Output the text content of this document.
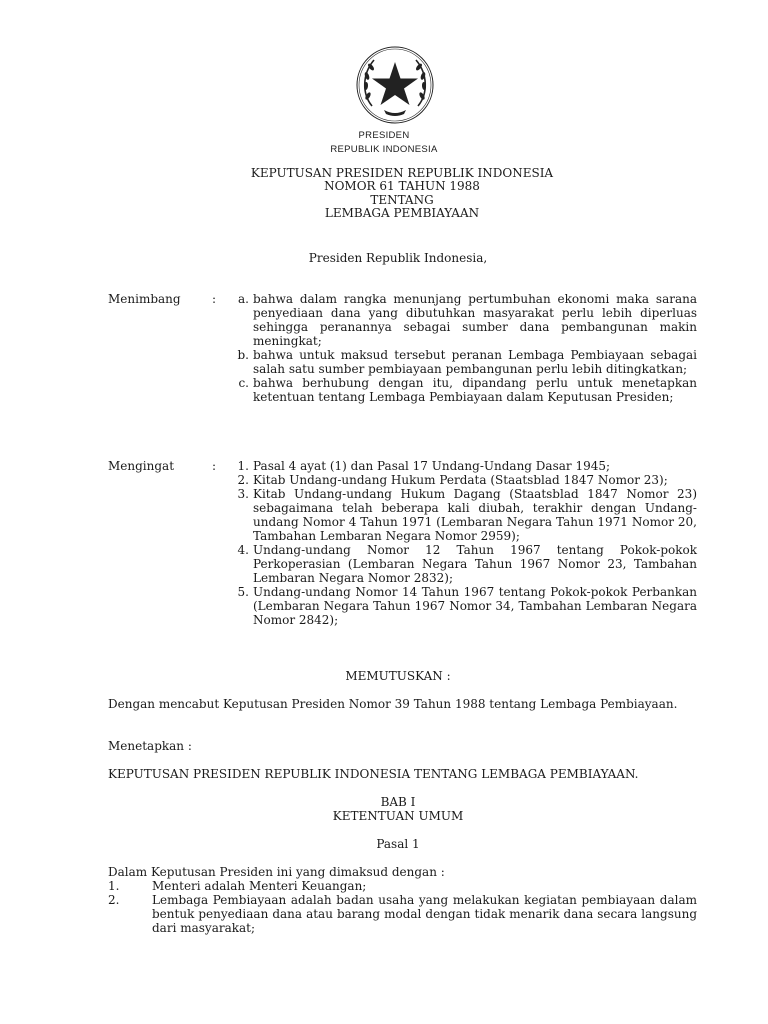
PRESIDEN
REPUBLIK INDONESIA
KEPUTUSAN PRESIDEN REPUBLIK INDONESIA
NOMOR 61 TAHUN 1988
TENTANG
LEMBAGA PEMBIAYAAN
Presiden Republik Indonesia,
Menimbang	:	a. bahwa dalam rangka menunjang pertumbuhan ekonomi maka sarana penyediaan dana yang dibutuhkan masyarakat perlu lebih diperluas sehingga peranannya sebagai sumber dana pembangunan makin meningkat;
b. bahwa untuk maksud tersebut peranan Lembaga Pembiayaan sebagai salah satu sumber pembiayaan pembangunan perlu lebih ditingkatkan;
c. bahwa berhubung dengan itu, dipandang perlu untuk menetapkan ketentuan tentang Lembaga Pembiayaan dalam Keputusan Presiden;
Mengingat	:	1. Pasal 4 ayat (1) dan Pasal 17 Undang-Undang Dasar 1945;
2. Kitab Undang-undang Hukum Perdata (Staatsblad 1847 Nomor 23);
3. Kitab Undang-undang Hukum Dagang (Staatsblad 1847 Nomor 23) sebagaimana telah beberapa kali diubah, terakhir dengan Undang-undang Nomor 4 Tahun 1971 (Lembaran Negara Tahun 1971 Nomor 20, Tambahan Lembaran Negara Nomor 2959);
4. Undang-undang Nomor 12 Tahun 1967 tentang Pokok-pokok Perkoperasian (Lembaran Negara Tahun 1967 Nomor 23, Tambahan Lembaran Negara Nomor 2832);
5. Undang-undang Nomor 14 Tahun 1967 tentang Pokok-pokok Perbankan (Lembaran Negara Tahun 1967 Nomor 34, Tambahan Lembaran Negara Nomor 2842);
MEMUTUSKAN :
Dengan mencabut Keputusan Presiden Nomor 39 Tahun 1988 tentang Lembaga Pembiayaan.
Menetapkan :
KEPUTUSAN PRESIDEN REPUBLIK INDONESIA TENTANG LEMBAGA PEMBIAYAAN.
BAB I
KETENTUAN UMUM
Pasal 1
Dalam Keputusan Presiden ini yang dimaksud dengan :
1.	Menteri adalah Menteri Keuangan;
2.	Lembaga Pembiayaan adalah badan usaha yang melakukan kegiatan pembiayaan dalam bentuk penyediaan dana atau barang modal dengan tidak menarik dana secara langsung dari masyarakat;
